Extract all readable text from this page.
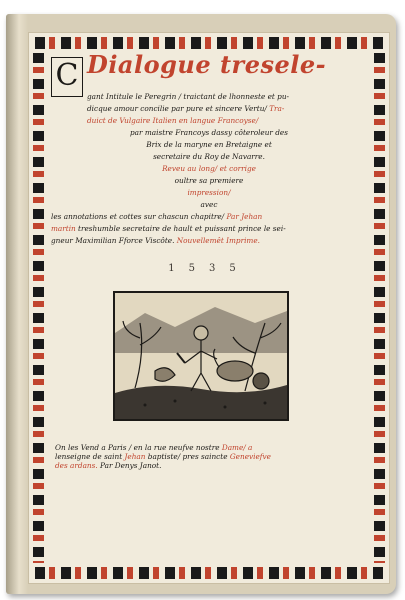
C Dialogue tresele-
gant Intitule le Peregrin / traictant de lhonneste et pu-
dicque amour concilie par pure et sincere Vertu/ Tra-
duict de Vulgaire Italien en langue Francoyse/
par maistre Francoys dassy côteroleur des
Brix de la maryne en Bretaigne et
secretaire du Roy de Navarre.
Reveu au long/ et corrige
oultre sa premiere
impression/
avec
les annotations et cottes sur chascun chapitre/ Par Jehan
martin treshumble secretaire de hault et puissant prince le sei-
gneur Maximilian Fforce Viscôte. Nouvellemêt Imprime.
1535
On les Vend a Paris / en la rue neufve nostre Dame/ a
lenseigne de saint Jehan baptiste/ pres saincte Geneviefve
des ardans. Par Denys Janot.
